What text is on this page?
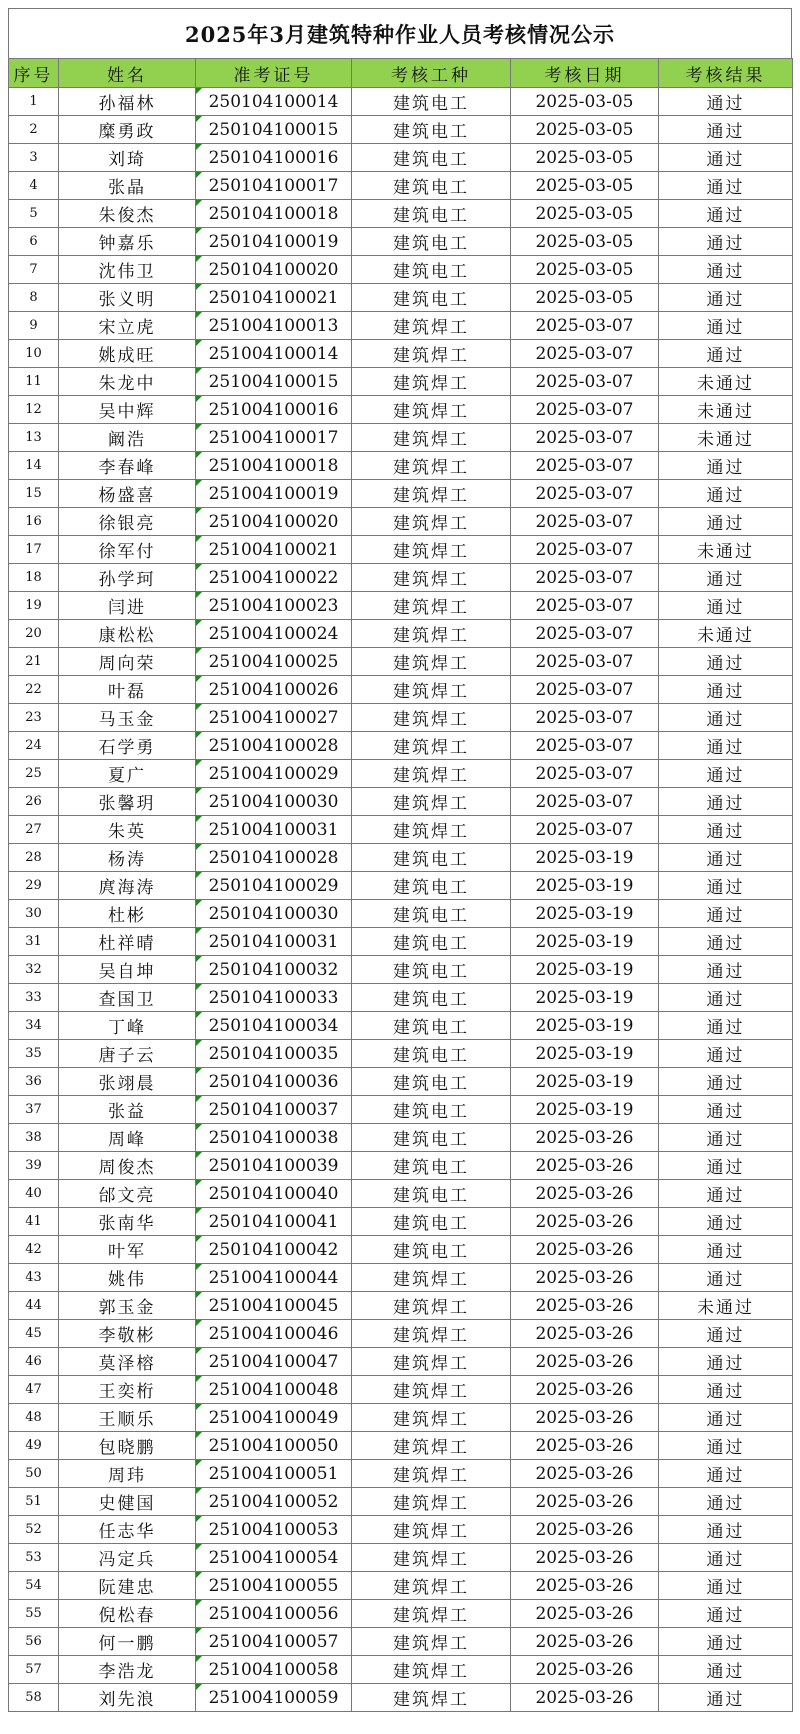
2025年3月建筑特种作业人员考核情况公示
序号	姓名	准考证号	考核工种	考核日期	考核结果
1	孙福林	250104100014	建筑电工	2025-03-05	通过
2	糜勇政	250104100015	建筑电工	2025-03-05	通过
3	刘琦	250104100016	建筑电工	2025-03-05	通过
4	张晶	250104100017	建筑电工	2025-03-05	通过
5	朱俊杰	250104100018	建筑电工	2025-03-05	通过
6	钟嘉乐	250104100019	建筑电工	2025-03-05	通过
7	沈伟卫	250104100020	建筑电工	2025-03-05	通过
8	张义明	250104100021	建筑电工	2025-03-05	通过
9	宋立虎	251004100013	建筑焊工	2025-03-07	通过
10	姚成旺	251004100014	建筑焊工	2025-03-07	通过
11	朱龙中	251004100015	建筑焊工	2025-03-07	未通过
12	吴中辉	251004100016	建筑焊工	2025-03-07	未通过
13	阚浩	251004100017	建筑焊工	2025-03-07	未通过
14	李春峰	251004100018	建筑焊工	2025-03-07	通过
15	杨盛喜	251004100019	建筑焊工	2025-03-07	通过
16	徐银亮	251004100020	建筑焊工	2025-03-07	通过
17	徐军付	251004100021	建筑焊工	2025-03-07	未通过
18	孙学珂	251004100022	建筑焊工	2025-03-07	通过
19	闫进	251004100023	建筑焊工	2025-03-07	通过
20	康松松	251004100024	建筑焊工	2025-03-07	未通过
21	周向荣	251004100025	建筑焊工	2025-03-07	通过
22	叶磊	251004100026	建筑焊工	2025-03-07	通过
23	马玉金	251004100027	建筑焊工	2025-03-07	通过
24	石学勇	251004100028	建筑焊工	2025-03-07	通过
25	夏广	251004100029	建筑焊工	2025-03-07	通过
26	张馨玥	251004100030	建筑焊工	2025-03-07	通过
27	朱英	251004100031	建筑焊工	2025-03-07	通过
28	杨涛	250104100028	建筑电工	2025-03-19	通过
29	庹海涛	250104100029	建筑电工	2025-03-19	通过
30	杜彬	250104100030	建筑电工	2025-03-19	通过
31	杜祥晴	250104100031	建筑电工	2025-03-19	通过
32	吴自坤	250104100032	建筑电工	2025-03-19	通过
33	查国卫	250104100033	建筑电工	2025-03-19	通过
34	丁峰	250104100034	建筑电工	2025-03-19	通过
35	唐子云	250104100035	建筑电工	2025-03-19	通过
36	张翊晨	250104100036	建筑电工	2025-03-19	通过
37	张益	250104100037	建筑电工	2025-03-19	通过
38	周峰	250104100038	建筑电工	2025-03-26	通过
39	周俊杰	250104100039	建筑电工	2025-03-26	通过
40	邰文亮	250104100040	建筑电工	2025-03-26	通过
41	张南华	250104100041	建筑电工	2025-03-26	通过
42	叶军	250104100042	建筑电工	2025-03-26	通过
43	姚伟	251004100044	建筑焊工	2025-03-26	通过
44	郭玉金	251004100045	建筑焊工	2025-03-26	未通过
45	李敬彬	251004100046	建筑焊工	2025-03-26	通过
46	莫泽榕	251004100047	建筑焊工	2025-03-26	通过
47	王奕桁	251004100048	建筑焊工	2025-03-26	通过
48	王顺乐	251004100049	建筑焊工	2025-03-26	通过
49	包晓鹏	251004100050	建筑焊工	2025-03-26	通过
50	周玮	251004100051	建筑焊工	2025-03-26	通过
51	史健国	251004100052	建筑焊工	2025-03-26	通过
52	任志华	251004100053	建筑焊工	2025-03-26	通过
53	冯定兵	251004100054	建筑焊工	2025-03-26	通过
54	阮建忠	251004100055	建筑焊工	2025-03-26	通过
55	倪松春	251004100056	建筑焊工	2025-03-26	通过
56	何一鹏	251004100057	建筑焊工	2025-03-26	通过
57	李浩龙	251004100058	建筑焊工	2025-03-26	通过
58	刘先浪	251004100059	建筑焊工	2025-03-26	通过
